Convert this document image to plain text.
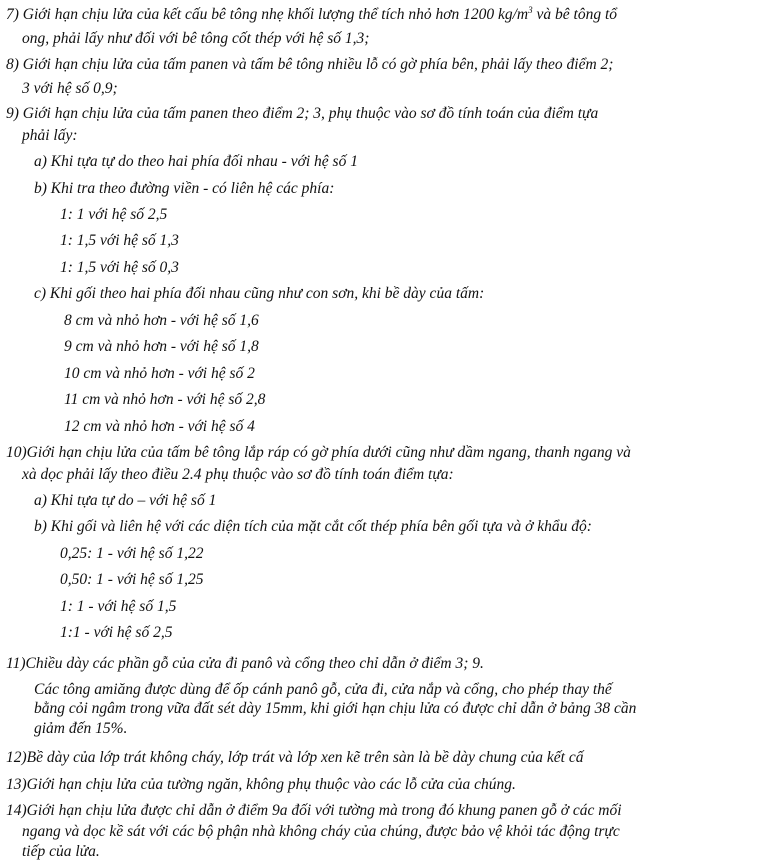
7) Giới hạn chịu lửa của kết cấu bê tông nhẹ khối lượng thể tích nhỏ hơn 1200 $kg/m^3$ và bê tông tổ
ong, phải lấy như đối với bê tông cốt thép với hệ số 1,3;
8) Giới hạn chịu lửa của tấm panen và tấm bê tông nhiều lỗ có gờ phía bên, phải lấy theo điểm 2;
3 với hệ số 0,9;
9) Giới hạn chịu lửa của tấm panen theo điểm 2; 3, phụ thuộc vào sơ đồ tính toán của điểm tựa
phải lấy:
a) Khi tựa tự do theo hai phía đối nhau - với hệ số 1
b) Khi tra theo đường viền - có liên hệ các phía:
1: 1 với hệ số 2,5
1: 1,5 với hệ số 1,3
1: 1,5 với hệ số 0,3
c) Khi gối theo hai phía đối nhau cũng như con sơn, khi bề dày của tấm:
8 cm và nhỏ hơn - với hệ số 1,6
9 cm và nhỏ hơn - với hệ số 1,8
10 cm và nhỏ hơn - với hệ số 2
11 cm và nhỏ hơn - với hệ số 2,8
12 cm và nhỏ hơn - với hệ số 4
10)Giới hạn chịu lửa của tấm bê tông lắp ráp có gờ phía dưới cũng như dầm ngang, thanh ngang và
xà dọc phải lấy theo điều 2.4 phụ thuộc vào sơ đồ tính toán điểm tựa:
a) Khi tựa tự do – với hệ số 1
b) Khi gối và liên hệ với các diện tích của mặt cắt cốt thép phía bên gối tựa và ở khẩu độ:
0,25: 1 - với hệ số 1,22
0,50: 1 - với hệ số 1,25
1: 1 - với hệ số 1,5
1:1 - với hệ số 2,5
11)Chiều dày các phần gỗ của cửa đi panô và cổng theo chỉ dẫn ở điểm 3; 9.
Các tông amiăng được dùng để ốp cánh panô gỗ, cửa đi, cửa nắp và cổng, cho phép thay thế
bằng cỏi ngâm trong vữa đất sét dày 15mm, khi giới hạn chịu lửa có được chỉ dẫn ở bảng 38 cần
giảm đến 15%.
12)Bề dày của lớp trát không cháy, lớp trát và lớp xen kẽ trên sàn là bề dày chung của kết cấ
13)Giới hạn chịu lửa của tường ngăn, không phụ thuộc vào các lỗ cửa của chúng.
14)Giới hạn chịu lửa được chỉ dẫn ở điểm 9a đối với tường mà trong đó khung panen gỗ ở các mối
ngang và dọc kề sát với các bộ phận nhà không cháy của chúng, được bảo vệ khỏi tác động trực
tiếp của lửa.
